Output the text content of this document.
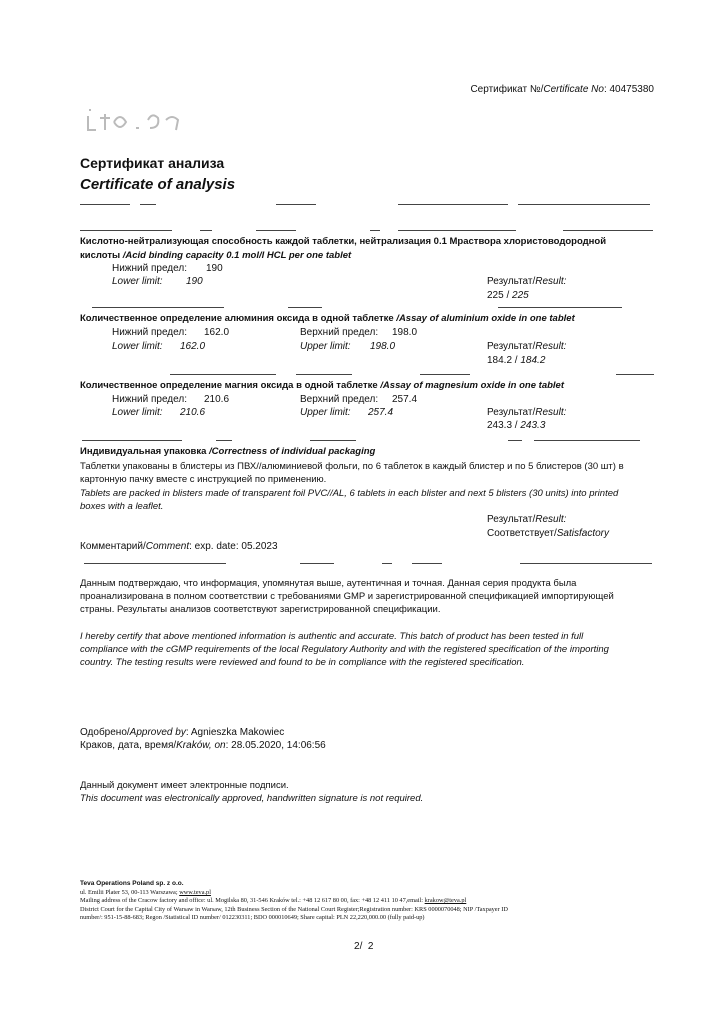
Сертификат №/Certificate No: 40475380
Сертификат анализа
Certificate of analysis
Кислотно-нейтрализующая способность каждой таблетки, нейтрализация 0.1 Мраствора хлористоводородной
кислоты /Acid binding capacity 0.1 mol/l HCL per one tablet
Нижний предел: 190
Lower limit: 190	Результат/Result:
225 / 225
Количественное определение алюминия оксида в одной таблетке /Assay of aluminium oxide in one tablet
Нижний предел: 162.0	Верхний предел: 198.0
Lower limit: 162.0	Upper limit: 198.0	Результат/Result:
184.2 / 184.2
Количественное определение магния оксида в одной таблетке /Assay of magnesium oxide in one tablet
Нижний предел: 210.6	Верхний предел: 257.4
Lower limit: 210.6	Upper limit: 257.4	Результат/Result:
243.3 / 243.3
Индивидуальная упаковка /Correctness of individual packaging
Таблетки упакованы в блистеры из ПВХ//алюминиевой фольги, по 6 таблеток в каждый блистер и по 5 блистеров (30 шт) в
картонную пачку вместе с инструкцией по применению.
Tablets are packed in blisters made of transparent foil PVC//AL, 6 tablets in each blister and next 5 blisters (30 units) into printed
boxes with a leaflet.
Результат/Result:
Соответствует/Satisfactory
Комментарий/Comment: exp. date: 05.2023
Данным подтверждаю, что информация, упомянутая выше, аутентичная и точная. Данная серия продукта была
проанализирована в полном соответствии с требованиями GMP и зарегистрированной спецификацией импортирующей
страны. Результаты анализов соответствуют зарегистрированной спецификации.
I hereby certify that above mentioned information is authentic and accurate. This batch of product has been tested in full
compliance with the cGMP requirements of the local Regulatory Authority and with the registered specification of the importing
country. The testing results were reviewed and found to be in compliance with the registered specification.
Одобрено/Approved by: Agnieszka Makowiec
Краков, дата, время/Kraków, on: 28.05.2020, 14:06:56
Данный документ имеет электронные подписи.
This document was electronically approved, handwritten signature is not required.
Teva Operations Poland sp. z o.o.
ul. Emilii Plater 53, 00-113 Warszawa; www.teva.pl
Mailing address of the Cracow factory and office: ul. Mogilska 80, 31-546 Kraków tel.: +48 12 617 80 00, fax: +48 12 411 10 47,email: krakow@teva.pl
District Court for the Capital City of Warsaw in Warsaw, 12th Business Section of the National Court Register;Registration number: KRS 0000070048; NIP /Taxpayer ID
number/: 951-15-88-683; Regon /Statistical ID number/ 012230311; BDO 000010649; Share capital: PLN 22,220,000.00 (fully paid-up)
2/ 2
